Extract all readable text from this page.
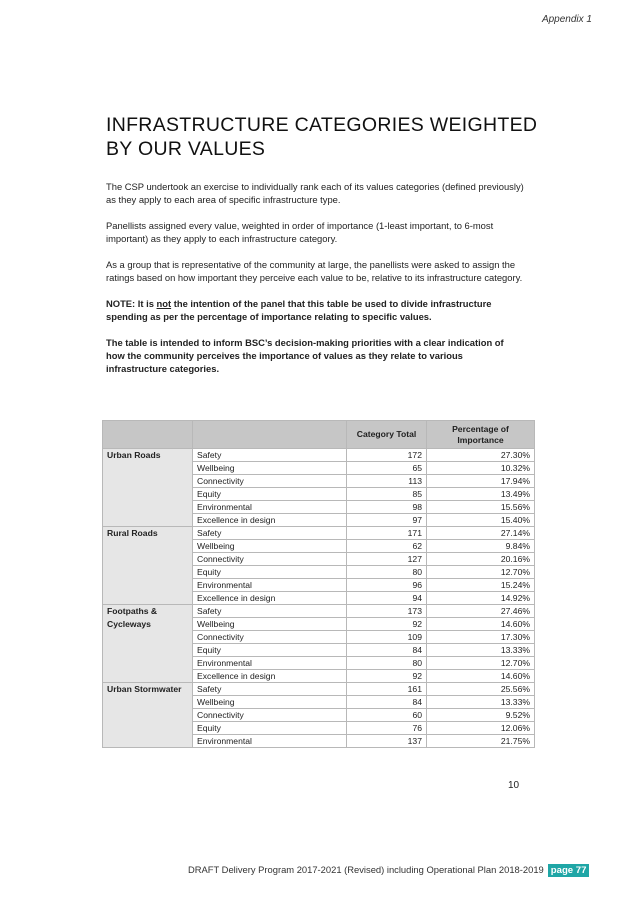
Appendix 1
INFRASTRUCTURE CATEGORIES WEIGHTED BY OUR VALUES

The CSP undertook an exercise to individually rank each of its values categories (defined previously) as they apply to each area of specific infrastructure type.

Panellists assigned every value, weighted in order of importance (1-least important, to 6-most important) as they apply to each infrastructure category.

As a group that is representative of the community at large, the panellists were asked to assign the ratings based on how important they perceive each value to be, relative to its infrastructure category.

NOTE: It is not the intention of the panel that this table be used to divide infrastructure spending as per the percentage of importance relating to specific values.

The table is intended to inform BSC’s decision-making priorities with a clear indication of how the community perceives the importance of values as they relate to various infrastructure categories.

		Category Total	Percentage of Importance
Urban Roads	Safety	172	27.30%
	Wellbeing	65	10.32%
	Connectivity	113	17.94%
	Equity	85	13.49%
	Environmental	98	15.56%
	Excellence in design	97	15.40%
Rural Roads	Safety	171	27.14%
	Wellbeing	62	9.84%
	Connectivity	127	20.16%
	Equity	80	12.70%
	Environmental	96	15.24%
	Excellence in design	94	14.92%
Footpaths & Cycleways	Safety	173	27.46%
	Wellbeing	92	14.60%
	Connectivity	109	17.30%
	Equity	84	13.33%
	Environmental	80	12.70%
	Excellence in design	92	14.60%
Urban Stormwater	Safety	161	25.56%
	Wellbeing	84	13.33%
	Connectivity	60	9.52%
	Equity	76	12.06%
	Environmental	137	21.75%
10
DRAFT Delivery Program 2017-2021 (Revised) including Operational Plan 2018-2019 page 77
